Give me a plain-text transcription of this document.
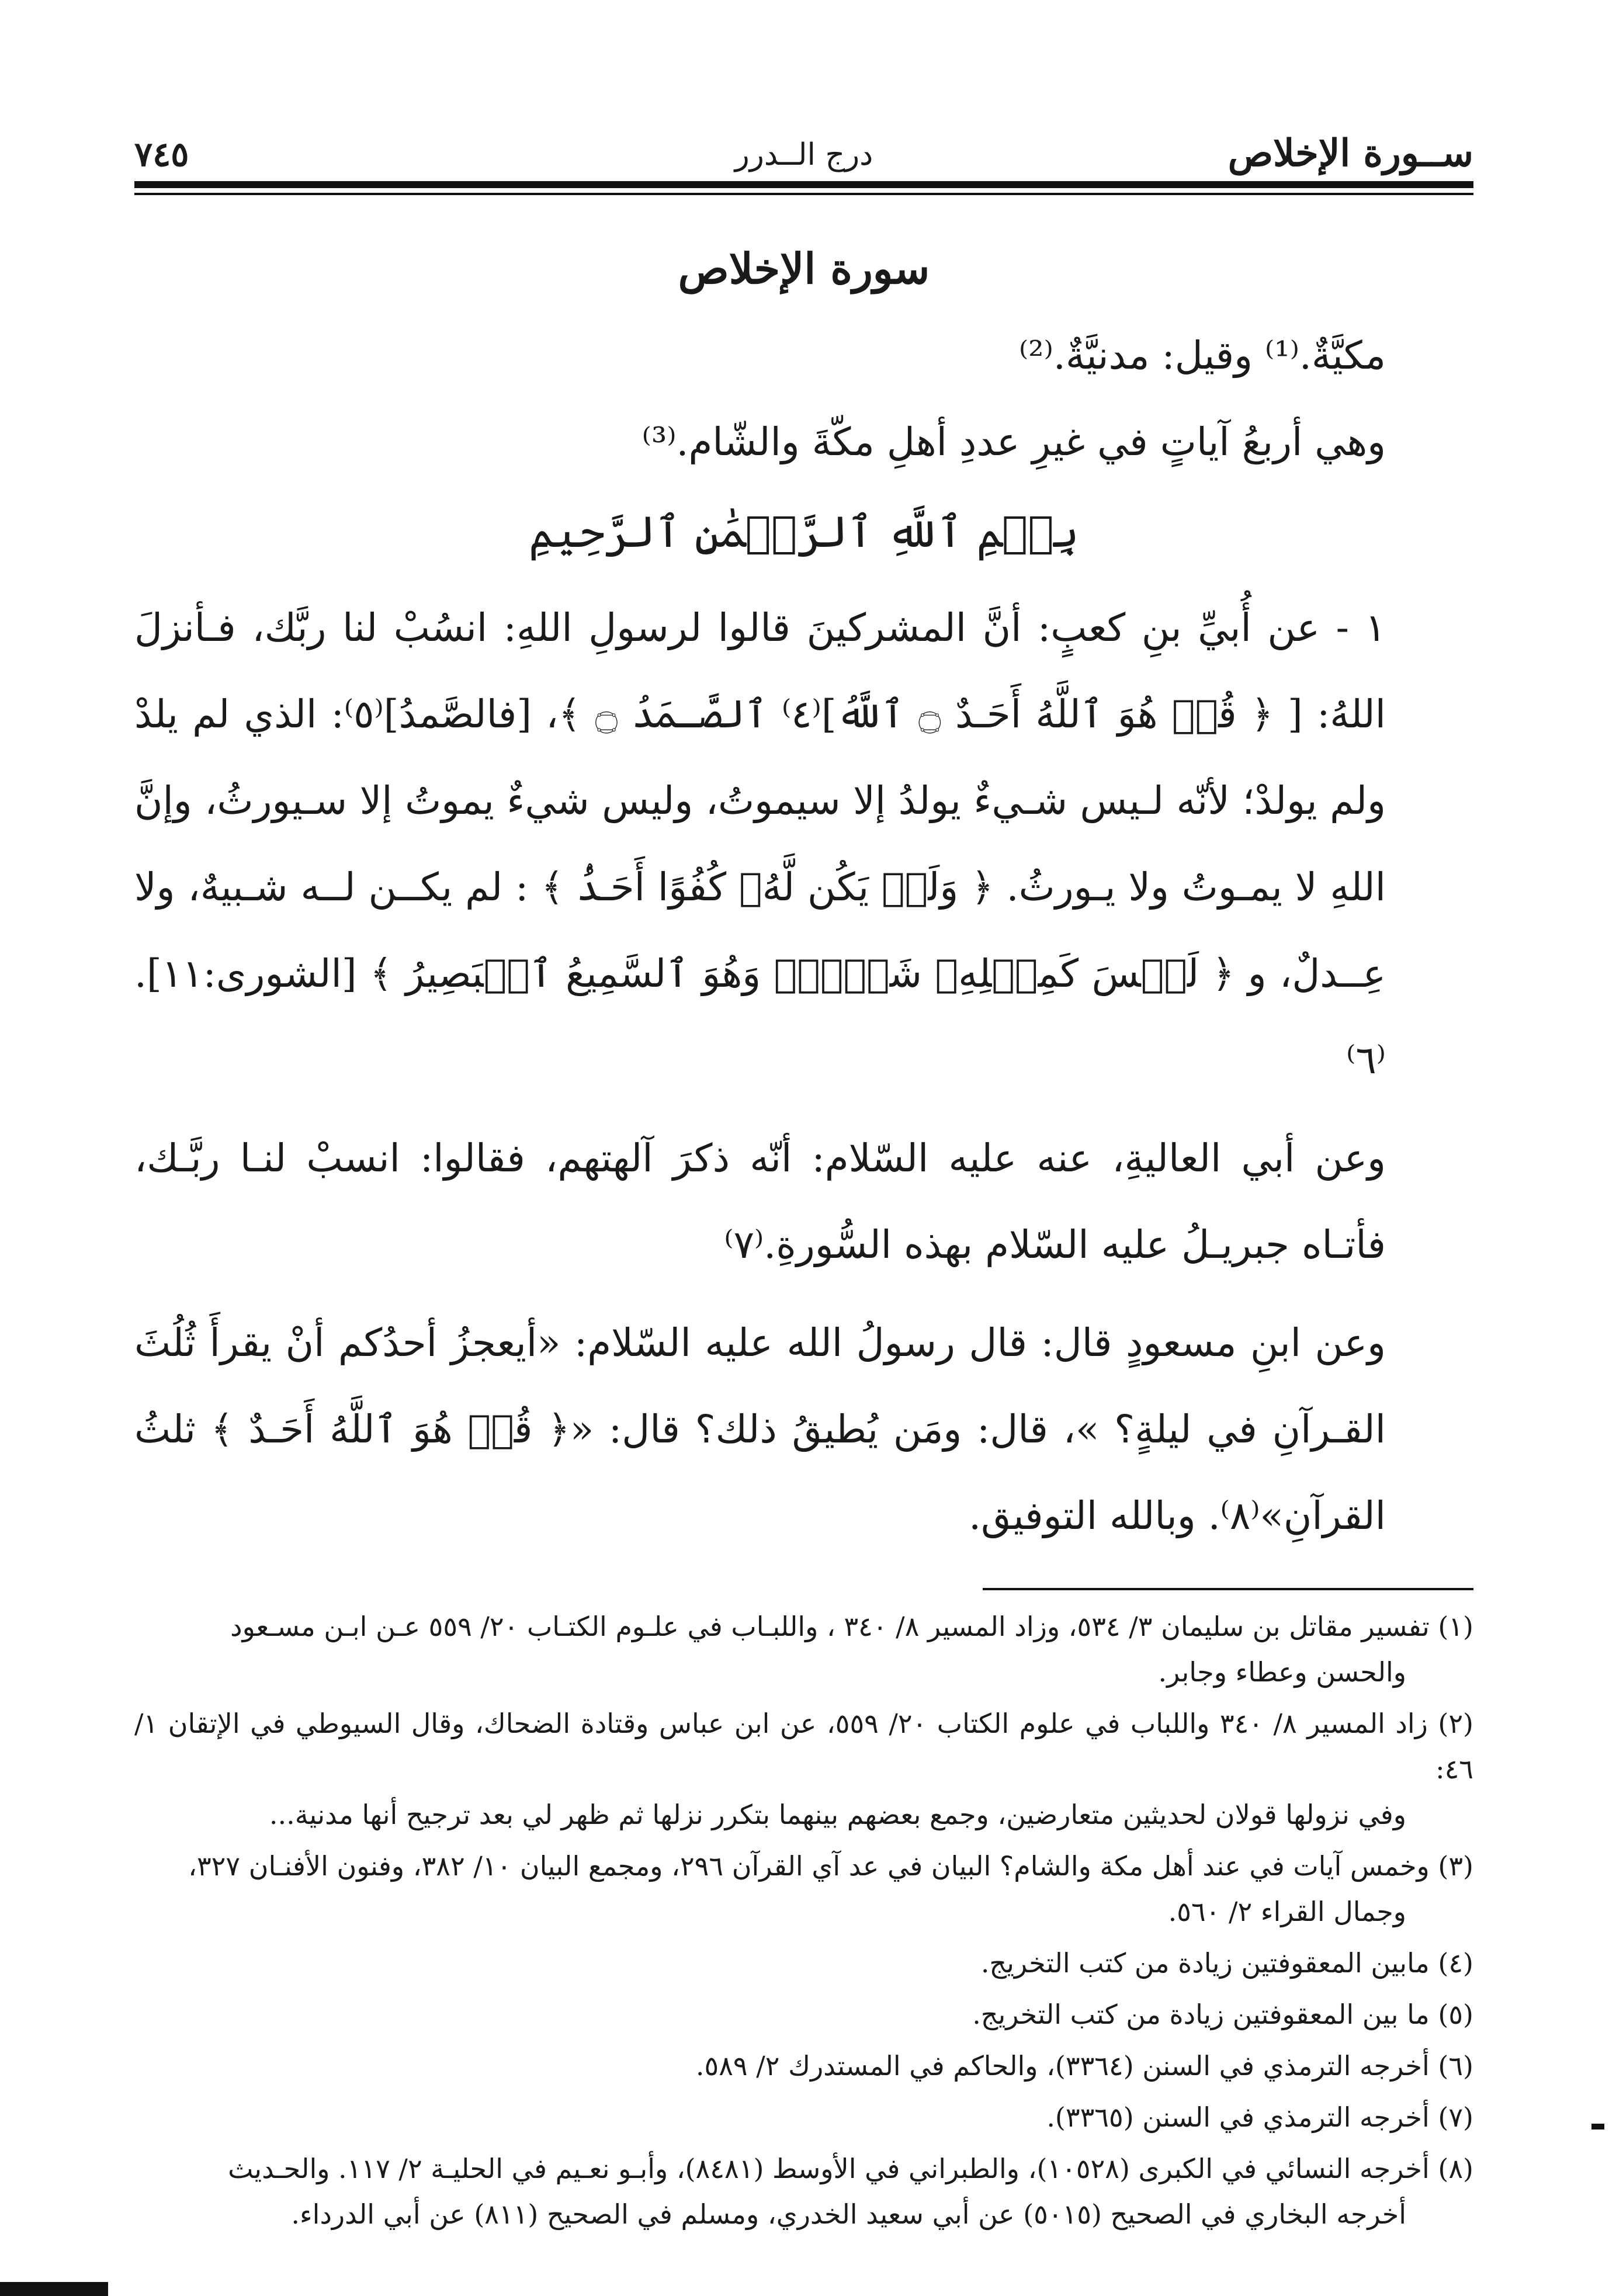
ســورة الإخلاص
درج الــدرر
٧٤٥
سورة الإخلاص
مكيَّةٌ.⁽¹⁾ وقيل: مدنيَّةٌ.⁽²⁾
وهي أربعُ آياتٍ في غيرِ عددِ أهلِ مكّةَ والشّام.⁽³⁾
بِسۡمِ ٱللَّهِ ٱلرَّحۡمَٰنِ ٱلرَّحِيمِ

١ - عن أُبيِّ بنِ كعبٍ: أنَّ المشركينَ قالوا لرسولِ اللهِ: انسُبْ لنا ربَّك، فـأنزلَ اللهُ: [ ﴿ قُلۡ هُوَ ٱللَّهُ أَحَـدٌ ۝ ٱللَّهُ]⁽٤⁾ ٱلصَّـمَدُ ۝ ﴾، [فالصَّمدُ]⁽٥⁾: الذي لم يلدْ ولم يولدْ؛ لأنّه لـيس شـيءٌ يولدُ إلا سيموتُ، وليس شيءٌ يموتُ إلا سـيورثُ، وإنَّ اللهِ لا يمـوتُ ولا يـورثُ. ﴿ وَلَمۡ يَكُن لَّهُۥ كُفُوًا أَحَـدُۢ ﴾ : لم يكــن لــه شـبيهٌ، ولا عِــدلٌ، و ﴿ لَيۡسَ كَمِثۡلِهِۦ شَيۡءٞۖ وَهُوَ ٱلسَّمِيعُ ٱلۡبَصِيرُ ﴾ [الشورى:١١].⁽٦⁾

وعن أبي العاليةِ، عنه عليه السّلام: أنّه ذكرَ آلهتهم، فقالوا: انسبْ لنـا ربَّـك، فأتـاه جبريـلُ عليه السّلام بهذه السُّورةِ.⁽٧⁾

وعن ابنِ مسعودٍ قال: قال رسولُ الله عليه السّلام: «أيعجزُ أحدُكم أنْ يقرأَ ثُلُثَ القـرآنِ في ليلةٍ؟ »، قال: ومَن يُطيقُ ذلك؟ قال: «﴿ قُلۡ هُوَ ٱللَّهُ أَحَـدٌ ﴾ ثلثُ القرآنِ»⁽٨⁾. وبالله التوفيق.

(١) تفسير مقاتل بن سليمان ٣/ ٥٣٤، وزاد المسير ٨/ ٣٤٠ ، واللبـاب في علـوم الكتـاب ٢٠/ ٥٥٩ عـن ابـن مسـعود
والحسن وعطاء وجابر.
(٢) زاد المسير ٨/ ٣٤٠ واللباب في علوم الكتاب ٢٠/ ٥٥٩، عن ابن عباس وقتادة الضحاك، وقال السيوطي في الإتقان ١/ ٤٦:
وفي نزولها قولان لحديثين متعارضين، وجمع بعضهم بينهما بتكرر نزلها ثم ظهر لي بعد ترجيح أنها مدنية...
(٣) وخمس آيات في عند أهل مكة والشام؟ البيان في عد آي القرآن ٢٩٦، ومجمع البيان ١٠/ ٣٨٢، وفنون الأفنـان ٣٢٧،
وجمال القراء ٢/ ٥٦٠.
(٤) مابين المعقوفتين زيادة من كتب التخريج.
(٥) ما بين المعقوفتين زيادة من كتب التخريج.
(٦) أخرجه الترمذي في السنن (٣٣٦٤)، والحاكم في المستدرك ٢/ ٥٨٩.
(٧) أخرجه الترمذي في السنن (٣٣٦٥).
(٨) أخرجه النسائي في الكبرى (١٠٥٢٨)، والطبراني في الأوسط (٨٤٨١)، وأبـو نعـيم في الحليـة ٢/ ١١٧. والحـديث
أخرجه البخاري في الصحيح (٥٠١٥) عن أبي سعيد الخدري، ومسلم في الصحيح (٨١١) عن أبي الدرداء.
